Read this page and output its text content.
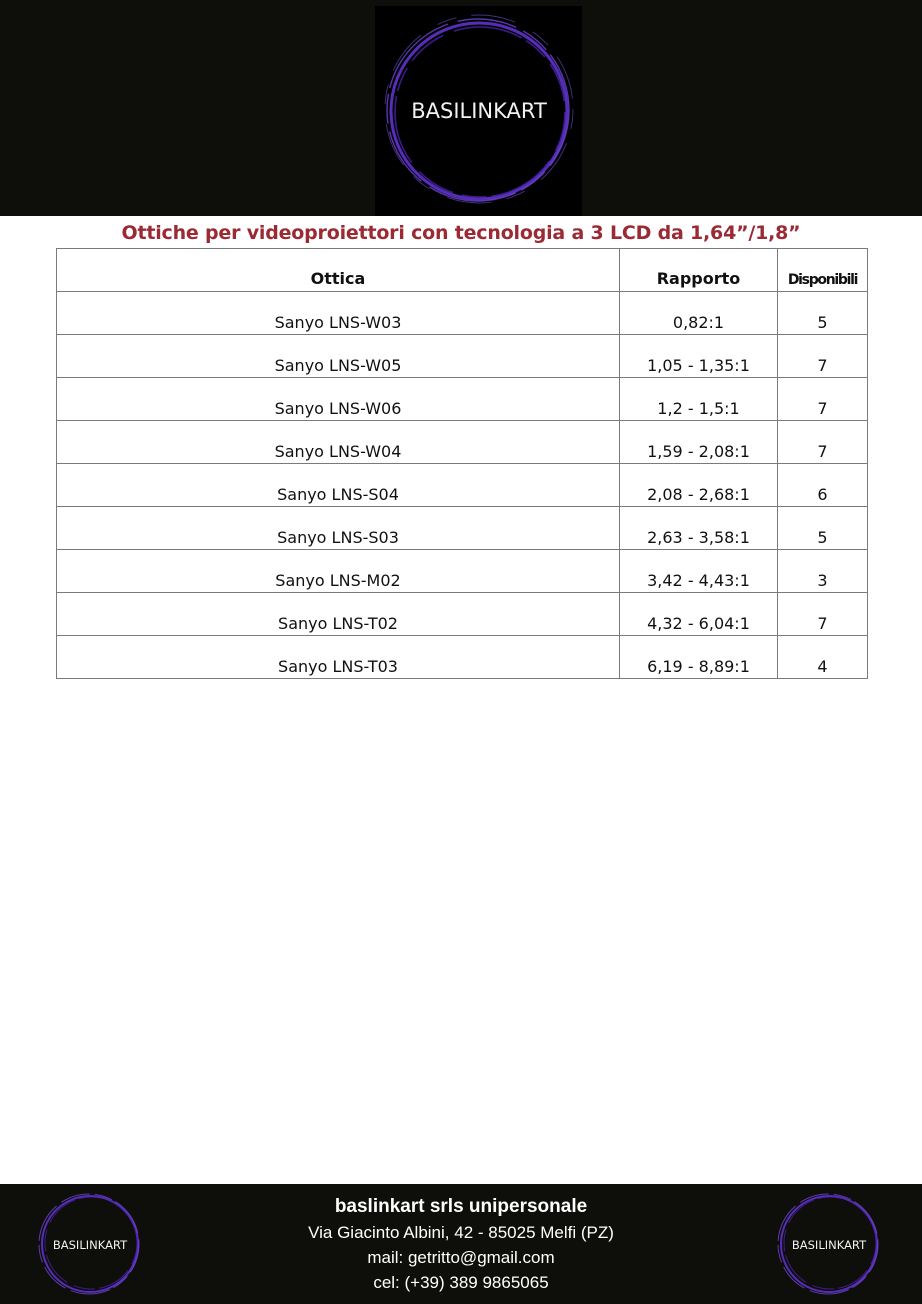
BASILINKART
Ottiche per videoproiettori con tecnologia a 3 LCD da 1,64”/1,8”
Ottica	Rapporto	Disponibili
Sanyo LNS-W03	0,82:1	5
Sanyo LNS-W05	1,05 - 1,35:1	7
Sanyo LNS-W06	1,2 - 1,5:1	7
Sanyo LNS-W04	1,59 - 2,08:1	7
Sanyo LNS-S04	2,08 - 2,68:1	6
Sanyo LNS-S03	2,63 - 3,58:1	5
Sanyo LNS-M02	3,42 - 4,43:1	3
Sanyo LNS-T02	4,32 - 6,04:1	7
Sanyo LNS-T03	6,19 - 8,89:1	4
BASILINKART
baslinkart srls unipersonale
Via Giacinto Albini, 42 - 85025 Melfi (PZ)
mail: getritto@gmail.com
cel: (+39) 389 9865065
BASILINKART
